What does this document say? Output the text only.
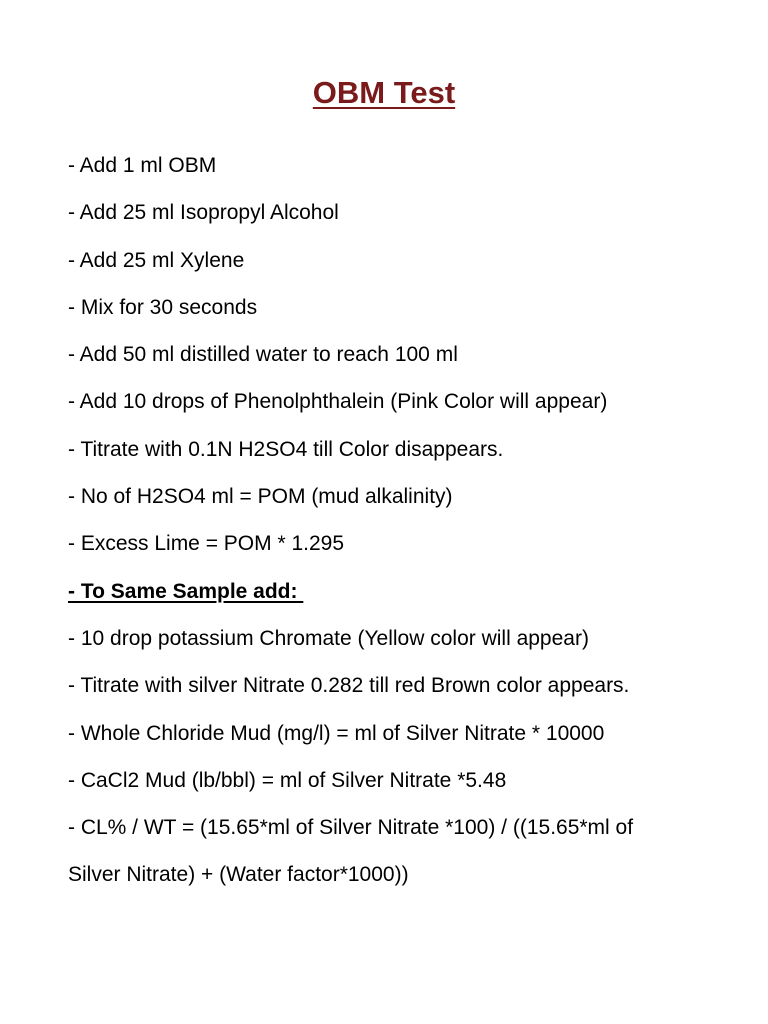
OBM Test
- Add 1 ml OBM
- Add 25 ml Isopropyl Alcohol
- Add 25 ml Xylene
- Mix for 30 seconds
- Add 50 ml distilled water to reach 100 ml
- Add 10 drops of Phenolphthalein (Pink Color will appear)
- Titrate with 0.1N H2SO4 till Color disappears.
- No of H2SO4 ml = POM (mud alkalinity)
- Excess Lime = POM * 1.295
- To Same Sample add:
- 10 drop potassium Chromate (Yellow color will appear)
- Titrate with silver Nitrate 0.282 till red Brown color appears.
- Whole Chloride Mud (mg/l) = ml of Silver Nitrate * 10000
- CaCl2 Mud (lb/bbl) = ml of Silver Nitrate *5.48
- CL% / WT = (15.65*ml of Silver Nitrate *100) / ((15.65*ml of
Silver Nitrate) + (Water factor*1000))
